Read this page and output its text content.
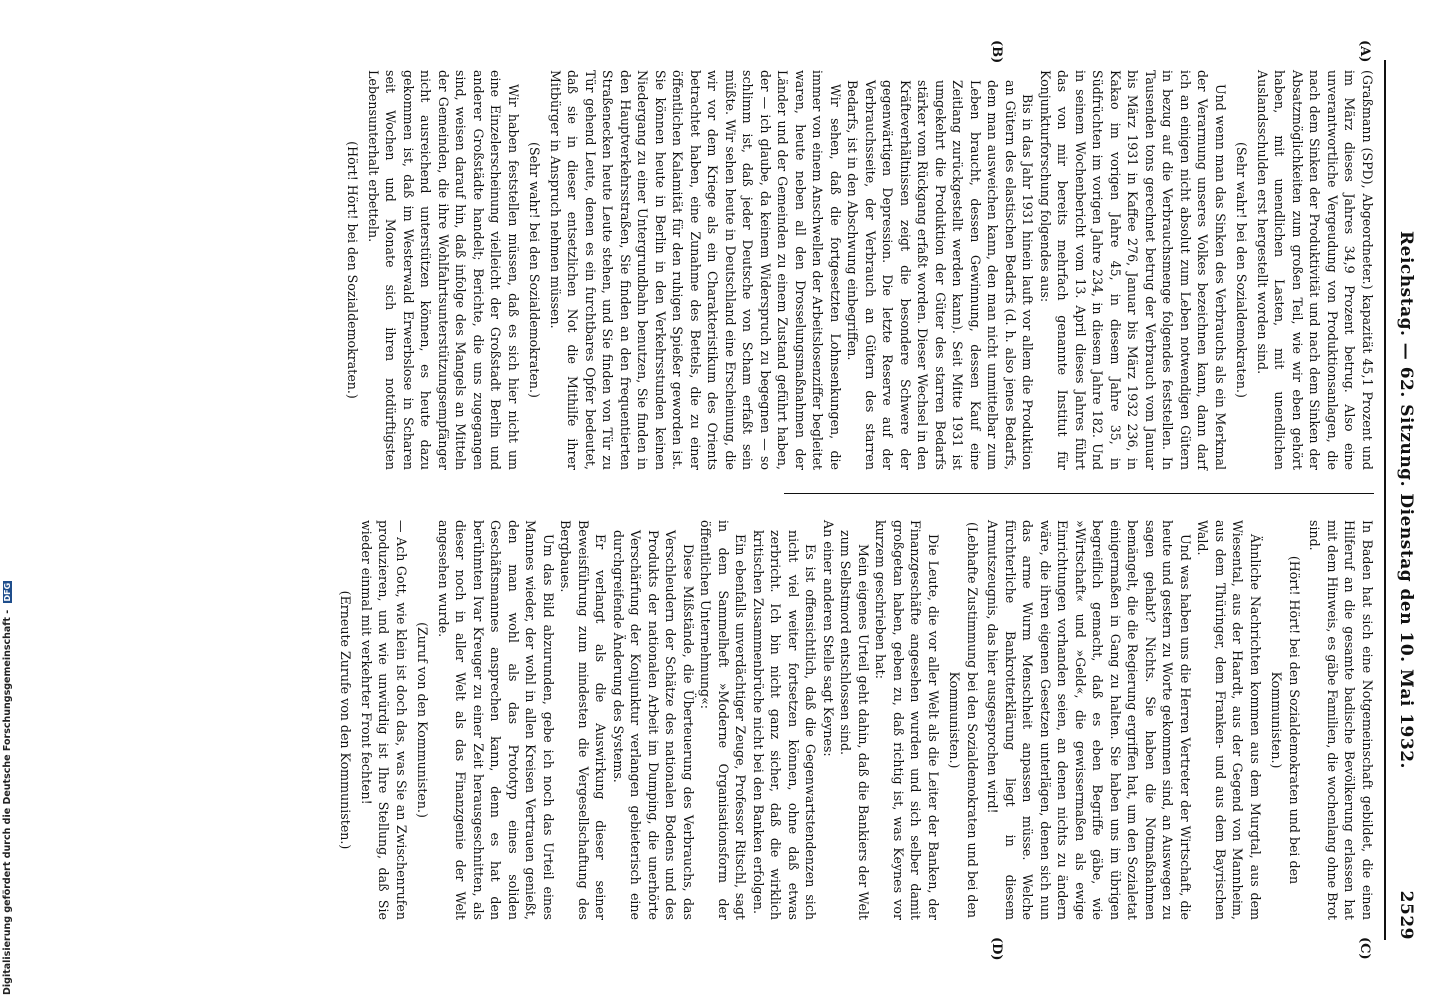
Reichstag. — 62. Sitzung. Dienstag den 10. Mai 1932.
2529
(A)
(B)
(C)
(D)

(Graßmann (SPD), Abgeordneter.) kapazität 45,1 Prozent und im März dieses Jahres 34,9 Prozent betrug. Also eine unverantwortliche Vergeudung von Produktionsanlagen, die nach dem Sinken der Produktivität und nach dem Sinken der Absatzmöglichkeiten zum großen Teil, wie wir eben gehört haben, mit unendlichen Lasten, mit unendlichen Auslandsschulden erst hergestellt worden sind.

(Sehr wahr! bei den Sozialdemokraten.)

Und wenn man das Sinken des Verbrauchs als ein Merkmal der Verarmung unseres Volkes bezeichnen kann, dann darf ich an einigen nicht absolut zum Leben notwendigen Gütern in bezug auf die Verbrauchsmenge folgendes feststellen. In Tausenden tons gerechnet betrug der Verbrauch vom Januar bis März 1931 in Kaffee 276, Januar bis März 1932 236, in Kakao im vorigen Jahre 45, in diesem Jahre 35, in Südfrüchten im vorigen Jahre 234, in diesem Jahre 182. Und in seinem Wochenbericht vom 13. April dieses Jahres führt das von mir bereits mehrfach genannte Institut für Konjunkturforschung folgendes aus:

Bis in das Jahr 1931 hinein lauft vor allem die Produktion an Gütern des elastischen Bedarfs (d. h. also jenes Bedarfs, dem man ausweichen kann, den man nicht unmittelbar zum Leben braucht, dessen Gewinnung, dessen Kauf eine Zeitlang zurückgestellt werden kann). Seit Mitte 1931 ist umgekehrt die Produktion der Güter des starren Bedarfs stärker vom Rückgang erfaßt worden. Dieser Wechsel in den Kräfteverhältnissen zeigt die besondere Schwere der gegenwärtigen Depression. Die letzte Reserve auf der Verbrauchsseite, der Verbrauch an Gütern des starren Bedarfs, ist in den Abschwung einbegriffen.

Wir sehen, daß die fortgesetzten Lohnsenkungen, die immer von einem Anschwellen der Arbeitslosenziffer begleitet waren, heute neben all den Drosselungsmaßnahmen der Länder und der Gemeinden zu einem Zustand geführt haben, der — ich glaube, da keinem Widerspruch zu begegnen — so schlimm ist, daß jeder Deutsche von Scham erfaßt sein müßte. Wir sehen heute in Deutschland eine Erscheinung, die wir vor dem Kriege als ein Charakteristikum des Orients betrachtet haben, eine Zunahme des Bettels, die zu einer öffentlichen Kalamität für den ruhigen Spießer geworden ist. Sie können heute in Berlin in den Verkehrsstunden keinen Niedergang zu einer Untergrundbahn benutzen, Sie finden in den Hauptverkehrsstraßen, Sie finden an den frequentierten Straßenecken heute Leute stehen, und Sie finden von Tür zu Tür gehend Leute, denen es ein furchtbares Opfer bedeutet, daß sie in dieser entsetzlichen Not die Mithilfe ihrer Mitbürger in Anspruch nehmen müssen.

(Sehr wahr! bei den Sozialdemokraten.)

Wir haben feststellen müssen, daß es sich hier nicht um eine Einzelerscheinung vielleicht der Großstadt Berlin und anderer Großstädte handelt; Berichte, die uns zugegangen sind, weisen darauf hin, daß infolge des Mangels an Mitteln der Gemeinden, die ihre Wohlfahrtsunterstützungsempfänger nicht ausreichend unterstützen können, es heute dazu gekommen ist, daß im Westerwald Erwerbslose in Scharen seit Wochen und Monate sich ihren notdürftigsten Lebensunterhalt erbetteln.

(Hört! Hört! bei den Sozialdemokraten.)

In Baden hat sich eine Notgemeinschaft gebildet, die einen Hilferuf an die gesamte badische Bevölkerung erlassen hat mit dem Hinweis, es gäbe Familien, die wochenlang ohne Brot sind.

(Hört! Hört! bei den Sozialdemokraten und bei den Kommunisten.)

Ähnliche Nachrichten kommen aus dem Murgtal, aus dem Wiesental, aus der Haardt, aus der Gegend von Mannheim, aus dem Thüringer, dem Franken- und aus dem Bayrischen Wald.

Und was haben uns die Herren Vertreter der Wirtschaft, die heute und gestern zu Worte gekommen sind, an Auswegen zu sagen gehabt? Nichts. Sie haben die Notmaßnahmen bemängelt, die die Regierung ergriffen hat, um den Sozialetat einigermaßen in Gang zu halten. Sie haben uns im übrigen begreiflich gemacht, daß es eben Begriffe gäbe, wie »Wirtschaft« und »Geld«, die gewissermaßen als ewige Einrichtungen vorhanden seien, an denen nichts zu ändern wäre, die ihren eigenen Gesetzen unterlägen, denen sich nun das arme Wurm Menschheit anpassen müsse. Welche fürchterliche Bankrotterklärung liegt in diesem Armutszeugnis, das hier ausgesprochen wird!

(Lebhafte Zustimmung bei den Sozialdemokraten und bei den Kommunisten.)

Die Leute, die vor aller Welt als die Leiter der Banken, der Finanzgeschäfte angesehen wurden und sich selber damit großgetan haben, geben zu, daß richtig ist, was Keynes vor kurzem geschrieben hat:

Mein eigenes Urteil geht dahin, daß die Bankiers der Welt zum Selbstmord entschlossen sind.

An einer anderen Stelle sagt Keynes:

Es ist offensichtlich, daß die Gegenwartstendenzen sich nicht viel weiter fortsetzen können, ohne daß etwas zerbricht. Ich bin nicht ganz sicher, daß die wirklich kritischen Zusammenbrüche nicht bei den Banken erfolgen.

Ein ebenfalls unverdächtiger Zeuge, Professor Ritschl, sagt in dem Sammelheft »Moderne Organisationsform der öffentlichen Unternehmung«:

Diese Mißstände, die Überteuerung des Verbrauchs, das Verschleudern der Schätze des nationalen Bodens und des Produkts der nationalen Arbeit im Dumping, die unerhörte Verschärfung der Konjunktur verlangen gebieterisch eine durchgreifende Änderung des Systems.

Er verlangt als die Auswirkung dieser seiner Beweisführung zum mindesten die Vergesellschaftung des Bergbaues.

Um das Bild abzurunden, gebe ich noch das Urteil eines Mannes wieder, der wohl in allen Kreisen Vertrauen genießt, den man wohl als das Prototyp eines soliden Geschäftsmannes ansprechen kann, denn es hat den berühmten Ivar Kreuger zu einer Zeit herausgeschnitten, als dieser noch in aller Welt als das Finanzgenie der Welt angesehen wurde.

(Zuruf von den Kommunisten.)

— Ach Gott, wie klein ist doch das, was Sie an Zwischenrufen produzieren, und wie unwürdig ist Ihre Stellung, daß Sie wieder einmal mit verkehrter Front fechten!

(Erneute Zurufe von den Kommunisten.)

Digitalisierung gefördert durch die Deutsche Forschungsgemeinschaft - DFG
